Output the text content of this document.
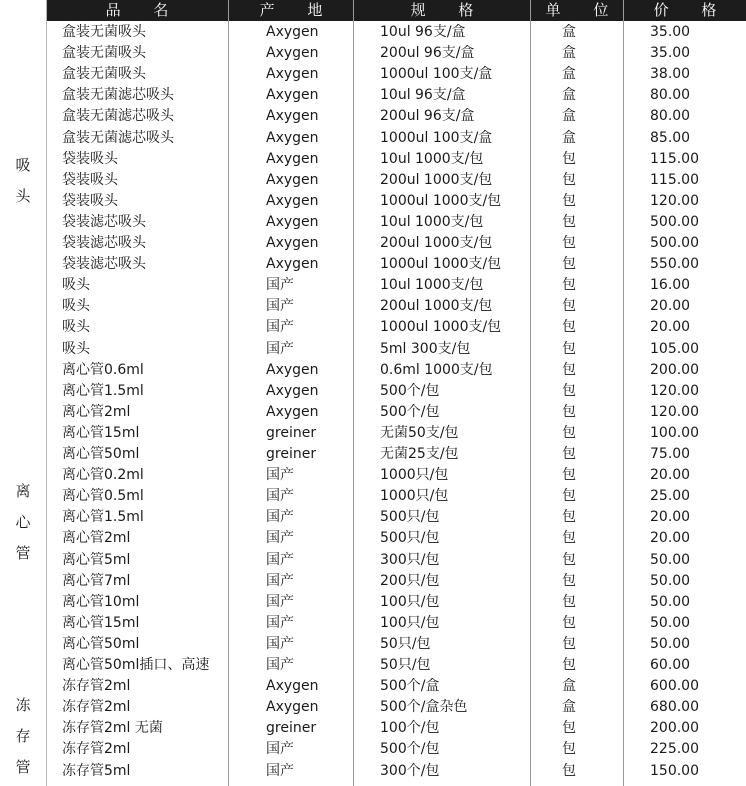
品 名	产 地	规 格	单 位	价 格
吸
头
离
心
管
冻
存
管
盒装无菌吸头	Axygen	10ul 96支/盒	盒	35.00
盒装无菌吸头	Axygen	200ul 96支/盒	盒	35.00
盒装无菌吸头	Axygen	1000ul 100支/盒	盒	38.00
盒装无菌滤芯吸头	Axygen	10ul 96支/盒	盒	80.00
盒装无菌滤芯吸头	Axygen	200ul 96支/盒	盒	80.00
盒装无菌滤芯吸头	Axygen	1000ul 100支/盒	盒	85.00
袋装吸头	Axygen	10ul 1000支/包	包	115.00
袋装吸头	Axygen	200ul 1000支/包	包	115.00
袋装吸头	Axygen	1000ul 1000支/包	包	120.00
袋装滤芯吸头	Axygen	10ul 1000支/包	包	500.00
袋装滤芯吸头	Axygen	200ul 1000支/包	包	500.00
袋装滤芯吸头	Axygen	1000ul 1000支/包	包	550.00
吸头	国产	10ul 1000支/包	包	16.00
吸头	国产	200ul 1000支/包	包	20.00
吸头	国产	1000ul 1000支/包	包	20.00
吸头	国产	5ml 300支/包	包	105.00
离心管0.6ml	Axygen	0.6ml 1000支/包	包	200.00
离心管1.5ml	Axygen	500个/包	包	120.00
离心管2ml	Axygen	500个/包	包	120.00
离心管15ml	greiner	无菌50支/包	包	100.00
离心管50ml	greiner	无菌25支/包	包	75.00
离心管0.2ml	国产	1000只/包	包	20.00
离心管0.5ml	国产	1000只/包	包	25.00
离心管1.5ml	国产	500只/包	包	20.00
离心管2ml	国产	500只/包	包	20.00
离心管5ml	国产	300只/包	包	50.00
离心管7ml	国产	200只/包	包	50.00
离心管10ml	国产	100只/包	包	50.00
离心管15ml	国产	100只/包	包	50.00
离心管50ml	国产	50只/包	包	50.00
离心管50ml插口、高速	国产	50只/包	包	60.00
冻存管2ml	Axygen	500个/盒	盒	600.00
冻存管2ml	Axygen	500个/盒杂色	盒	680.00
冻存管2ml 无菌	greiner	100个/包	包	200.00
冻存管2ml	国产	500个/包	包	225.00
冻存管5ml	国产	300个/包	包	150.00
